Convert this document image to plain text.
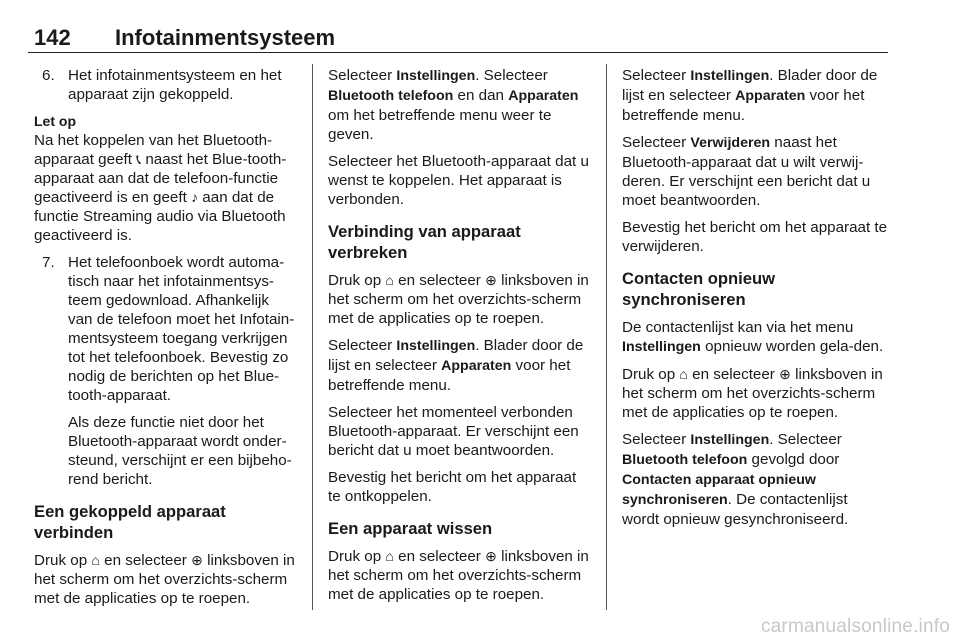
142 Infotainmentsysteem
6. Het infotainmentsysteem en het apparaat zijn gekoppeld.
Let op
Na het koppelen van het Bluetooth-apparaat geeft 📞︎ naast het Blue-tooth-apparaat aan dat de telefoon-functie geactiveerd is en geeft ♪ aan dat de functie Streaming audio via Bluetooth geactiveerd is.
7. Het telefoonboek wordt automa-tisch naar het infotainmentsys-teem gedownload. Afhankelijk van de telefoon moet het Infotain-mentsysteem toegang verkrijgen tot het telefoonboek. Bevestig zo nodig de berichten op het Blue-tooth-apparaat.
Als deze functie niet door het Bluetooth-apparaat wordt onder-steund, verschijnt er een bijbeho-rend bericht.
Een gekoppeld apparaat verbinden
Druk op ⌂ en selecteer ⊕ linksboven in het scherm om het overzichts-scherm met de applicaties op te roepen.
Selecteer Instellingen. Selecteer Bluetooth telefoon en dan Apparaten om het betreffende menu weer te geven.
Selecteer het Bluetooth-apparaat dat u wenst te koppelen. Het apparaat is verbonden.
Verbinding van apparaat verbreken
Druk op ⌂ en selecteer ⊕ linksboven in het scherm om het overzichts-scherm met de applicaties op te roepen.
Selecteer Instellingen. Blader door de lijst en selecteer Apparaten voor het betreffende menu.
Selecteer het momenteel verbonden Bluetooth-apparaat. Er verschijnt een bericht dat u moet beantwoorden.
Bevestig het bericht om het apparaat te ontkoppelen.
Een apparaat wissen
Druk op ⌂ en selecteer ⊕ linksboven in het scherm om het overzichts-scherm met de applicaties op te roepen.
Selecteer Instellingen. Blader door de lijst en selecteer Apparaten voor het betreffende menu.
Selecteer Verwijderen naast het Bluetooth-apparaat dat u wilt verwij-deren. Er verschijnt een bericht dat u moet beantwoorden.
Bevestig het bericht om het apparaat te verwijderen.
Contacten opnieuw synchroniseren
De contactenlijst kan via het menu Instellingen opnieuw worden gela-den.
Druk op ⌂ en selecteer ⊕ linksboven in het scherm om het overzichts-scherm met de applicaties op te roepen.
Selecteer Instellingen. Selecteer Bluetooth telefoon gevolgd door Contacten apparaat opnieuw synchroniseren. De contactenlijst wordt opnieuw gesynchroniseerd.
carmanualsonline.info
